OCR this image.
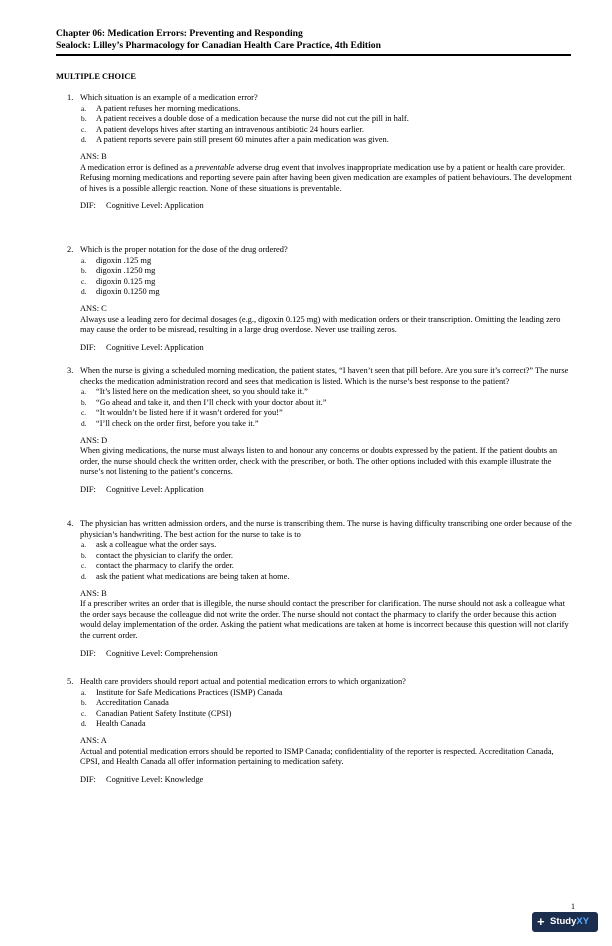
Chapter 06: Medication Errors: Preventing and Responding
Sealock: Lilley’s Pharmacology for Canadian Health Care Practice, 4th Edition
MULTIPLE CHOICE
1. Which situation is an example of a medication error?
a. A patient refuses her morning medications.
b. A patient receives a double dose of a medication because the nurse did not cut the pill in half.
c. A patient develops hives after starting an intravenous antibiotic 24 hours earlier.
d. A patient reports severe pain still present 60 minutes after a pain medication was given.
ANS: B
A medication error is defined as a preventable adverse drug event that involves inappropriate medication use by a patient or health care provider. Refusing morning medications and reporting severe pain after having been given medication are examples of patient behaviours. The development of hives is a possible allergic reaction. None of these situations is preventable.
DIF: Cognitive Level: Application
2. Which is the proper notation for the dose of the drug ordered?
a. digoxin .125 mg
b. digoxin .1250 mg
c. digoxin 0.125 mg
d. digoxin 0.1250 mg
ANS: C
Always use a leading zero for decimal dosages (e.g., digoxin 0.125 mg) with medication orders or their transcription. Omitting the leading zero may cause the order to be misread, resulting in a large drug overdose. Never use trailing zeros.
DIF: Cognitive Level: Application
3. When the nurse is giving a scheduled morning medication, the patient states, “I haven’t seen that pill before. Are you sure it’s correct?” The nurse checks the medication administration record and sees that medication is listed. Which is the nurse’s best response to the patient?
a. “It’s listed here on the medication sheet, so you should take it.”
b. “Go ahead and take it, and then I’ll check with your doctor about it.”
c. “It wouldn’t be listed here if it wasn’t ordered for you!”
d. “I’ll check on the order first, before you take it.”
ANS: D
When giving medications, the nurse must always listen to and honour any concerns or doubts expressed by the patient. If the patient doubts an order, the nurse should check the written order, check with the prescriber, or both. The other options included with this example illustrate the nurse’s not listening to the patient’s concerns.
DIF: Cognitive Level: Application
4. The physician has written admission orders, and the nurse is transcribing them. The nurse is having difficulty transcribing one order because of the physician’s handwriting. The best action for the nurse to take is to
a. ask a colleague what the order says.
b. contact the physician to clarify the order.
c. contact the pharmacy to clarify the order.
d. ask the patient what medications are being taken at home.
ANS: B
If a prescriber writes an order that is illegible, the nurse should contact the prescriber for clarification. The nurse should not ask a colleague what the order says because the colleague did not write the order. The nurse should not contact the pharmacy to clarify the order because this action would delay implementation of the order. Asking the patient what medications are taken at home is incorrect because this question will not clarify the current order.
DIF: Cognitive Level: Comprehension
5. Health care providers should report actual and potential medication errors to which organization?
a. Institute for Safe Medications Practices (ISMP) Canada
b. Accreditation Canada
c. Canadian Patient Safety Institute (CPSI)
d. Health Canada
ANS: A
Actual and potential medication errors should be reported to ISMP Canada; confidentiality of the reporter is respected. Accreditation Canada, CPSI, and Health Canada all offer information pertaining to medication safety.
DIF: Cognitive Level: Knowledge
1
+ StudyXY
